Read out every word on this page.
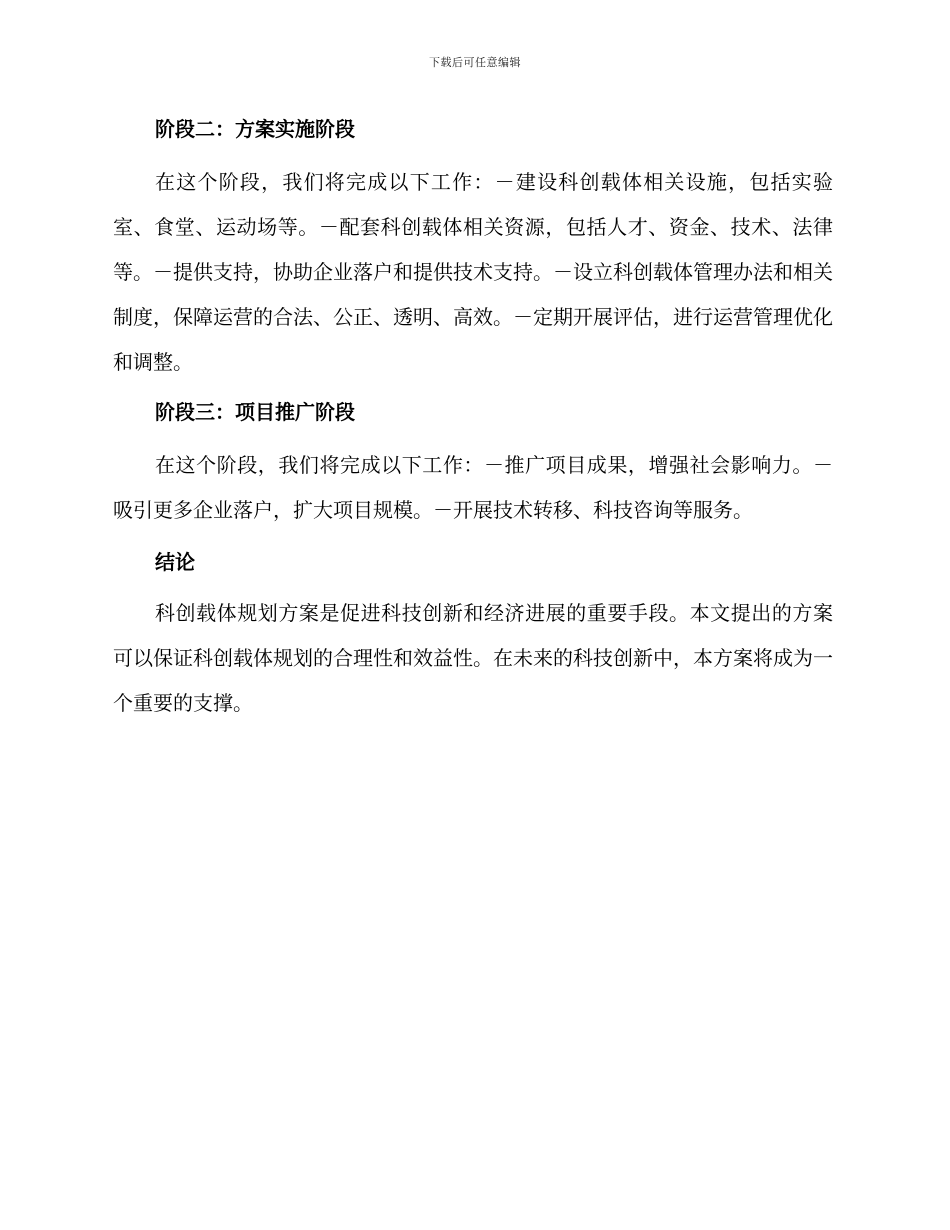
下载后可任意编辑
阶段二：方案实施阶段

在这个阶段，我们将完成以下工作：－建设科创载体相关设施，包括实验室、食堂、运动场等。－配套科创载体相关资源，包括人才、资金、技术、法律等。－提供支持，协助企业落户和提供技术支持。－设立科创载体管理办法和相关制度，保障运营的合法、公正、透明、高效。－定期开展评估，进行运营管理优化和调整。

阶段三：项目推广阶段

在这个阶段，我们将完成以下工作：－推广项目成果，增强社会影响力。－吸引更多企业落户，扩大项目规模。－开展技术转移、科技咨询等服务。

结论

科创载体规划方案是促进科技创新和经济进展的重要手段。本文提出的方案可以保证科创载体规划的合理性和效益性。在未来的科技创新中，本方案将成为一个重要的支撑。
